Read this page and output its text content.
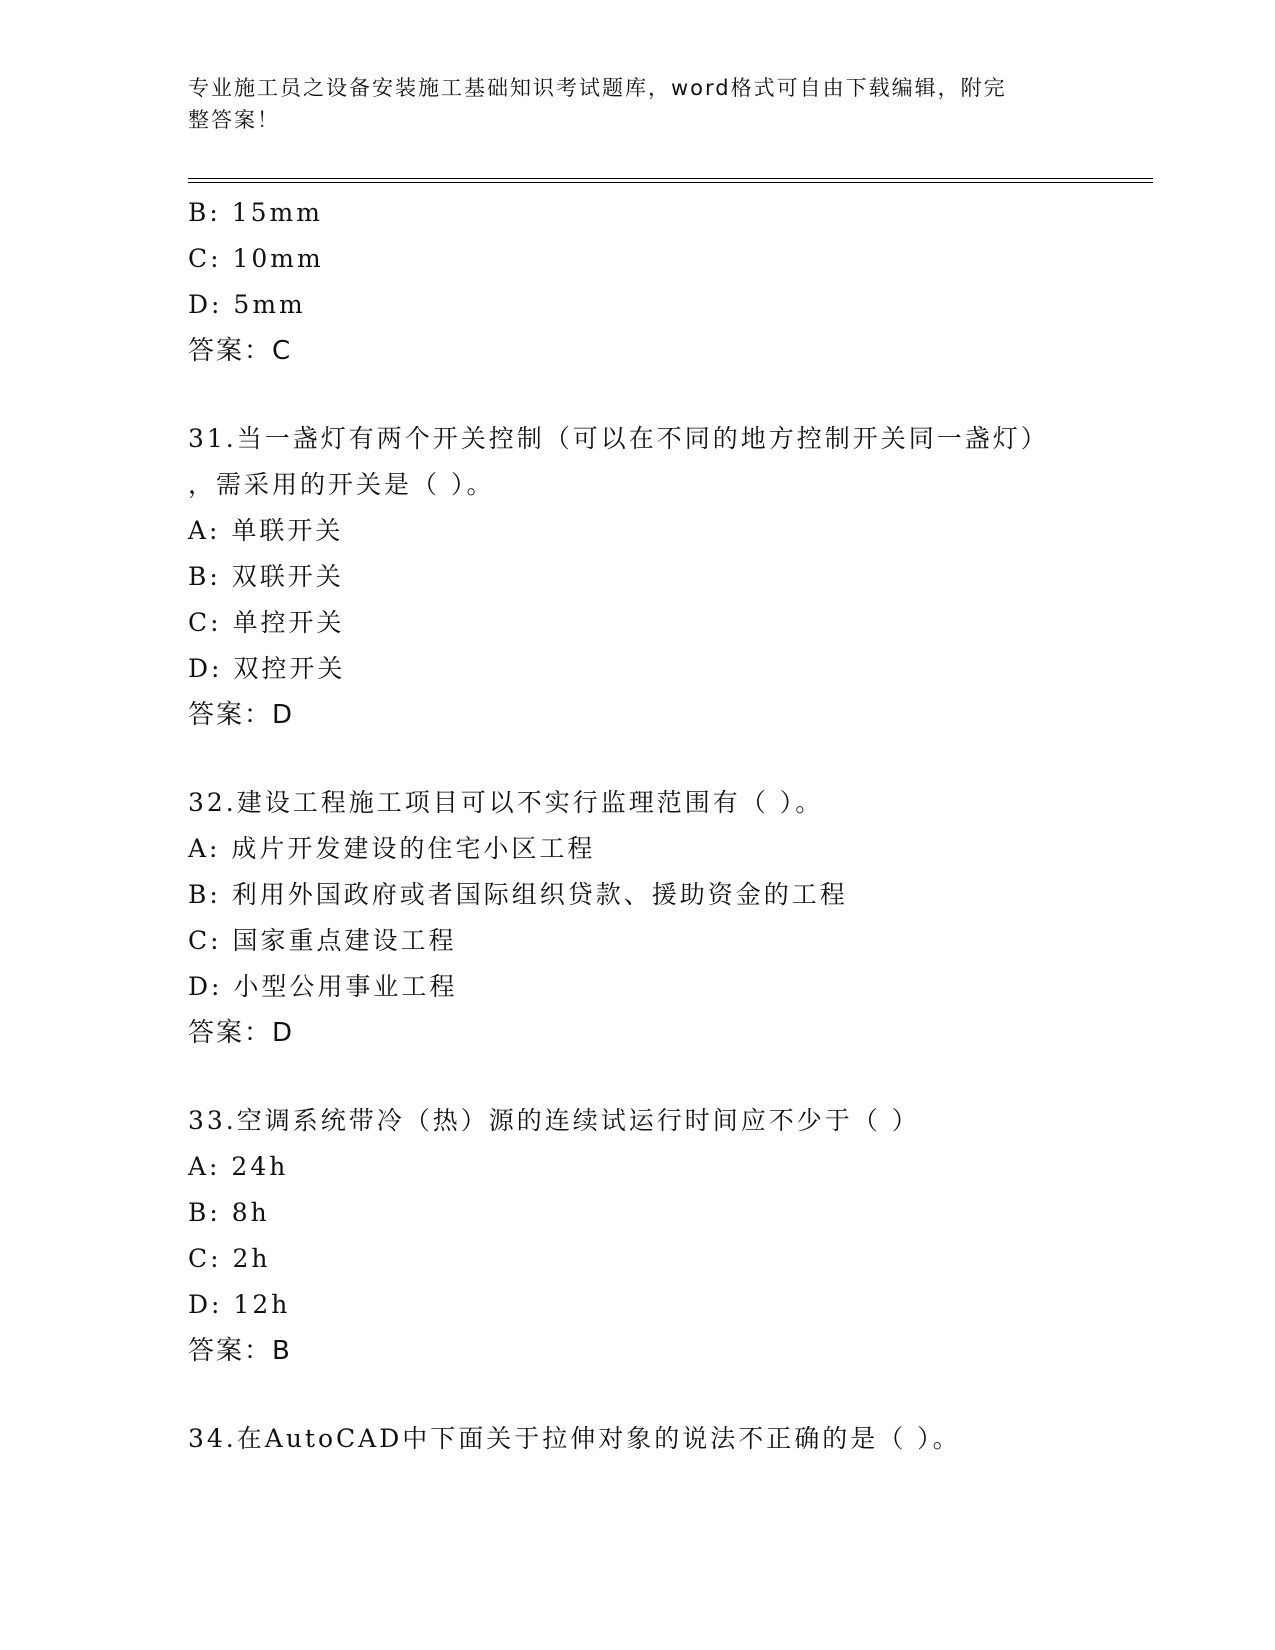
专业施工员之设备安装施工基础知识考试题库，word格式可自由下载编辑，附完
整答案！
B: 15mm
C: 10mm
D: 5mm
答案：C
31.当一盏灯有两个开关控制（可以在不同的地方控制开关同一盏灯）
，需采用的开关是（ ）。
A: 单联开关
B: 双联开关
C: 单控开关
D: 双控开关
答案：D
32.建设工程施工项目可以不实行监理范围有（ ）。
A: 成片开发建设的住宅小区工程
B: 利用外国政府或者国际组织贷款、援助资金的工程
C: 国家重点建设工程
D: 小型公用事业工程
答案：D
33.空调系统带冷（热）源的连续试运行时间应不少于（ ）
A: 24h
B: 8h
C: 2h
D: 12h
答案：B
34.在AutoCAD中下面关于拉伸对象的说法不正确的是（ ）。
